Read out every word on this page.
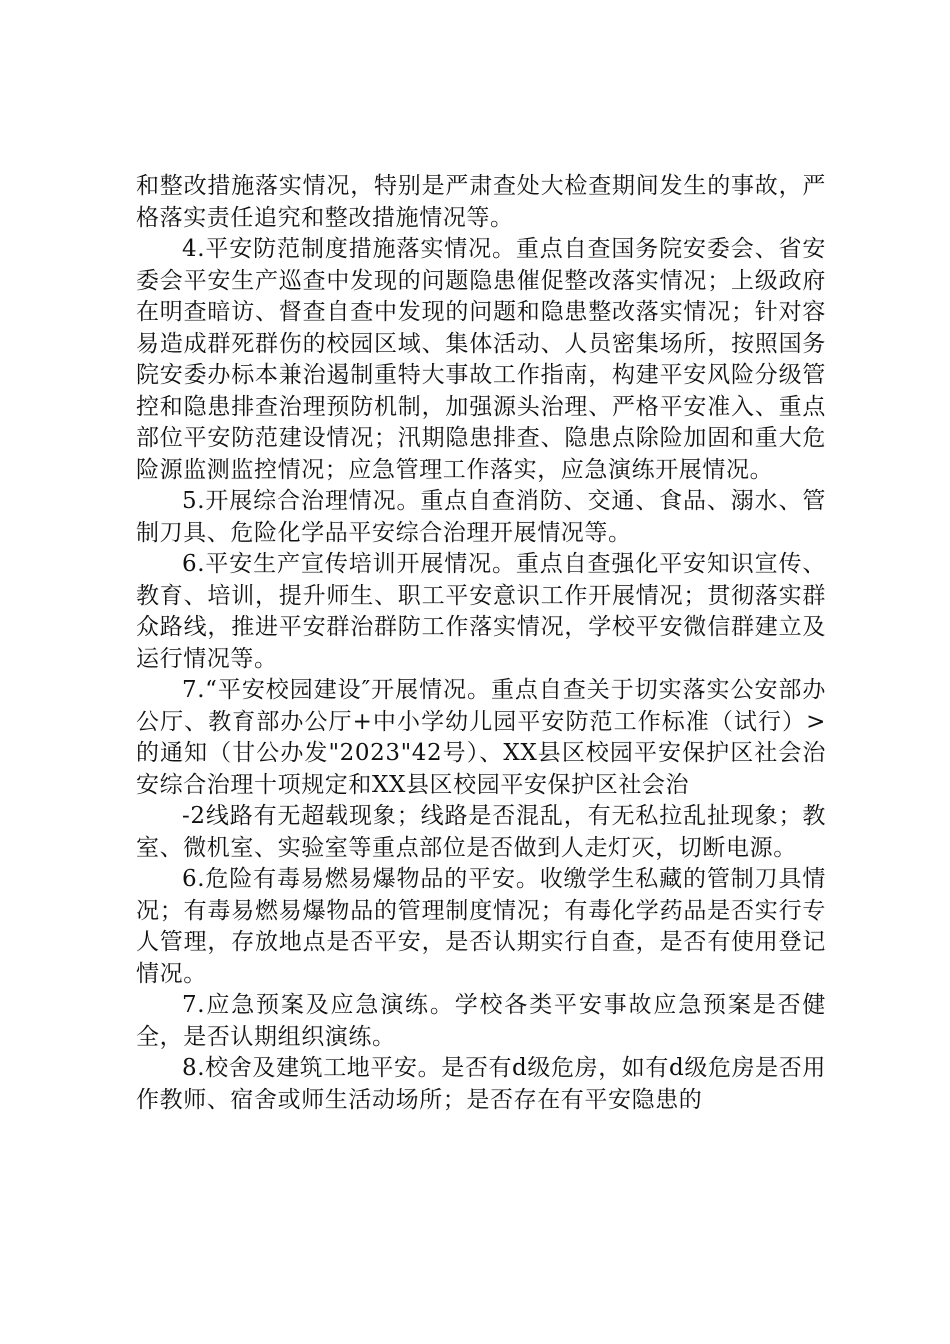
和整改措施落实情况，特别是严肃查处大检查期间发生的事故，严格落实责任追究和整改措施情况等。

4.平安防范制度措施落实情况。重点自查国务院安委会、省安委会平安生产巡查中发现的问题隐患催促整改落实情况；上级政府在明查暗访、督查自查中发现的问题和隐患整改落实情况；针对容易造成群死群伤的校园区域、集体活动、人员密集场所，按照国务院安委办标本兼治遏制重特大事故工作指南，构建平安风险分级管控和隐患排查治理预防机制，加强源头治理、严格平安准入、重点部位平安防范建设情况；汛期隐患排查、隐患点除险加固和重大危险源监测监控情况；应急管理工作落实，应急演练开展情况。

5.开展综合治理情况。重点自查消防、交通、食品、溺水、管制刀具、危险化学品平安综合治理开展情况等。

6.平安生产宣传培训开展情况。重点自查强化平安知识宣传、教育、培训，提升师生、职工平安意识工作开展情况；贯彻落实群众路线，推进平安群治群防工作落实情况，学校平安微信群建立及运行情况等。

7.“平安校园建设″开展情况。重点自查关于切实落实公安部办公厅、教育部办公厅+中小学幼儿园平安防范工作标准（试行）>的通知（甘公办发"2023"42号）、XX县区校园平安保护区社会治安综合治理十项规定和XX县区校园平安保护区社会治

-2线路有无超载现象；线路是否混乱，有无私拉乱扯现象；教室、微机室、实验室等重点部位是否做到人走灯灭，切断电源。

6.危险有毒易燃易爆物品的平安。收缴学生私藏的管制刀具情况；有毒易燃易爆物品的管理制度情况；有毒化学药品是否实行专人管理，存放地点是否平安，是否认期实行自查，是否有使用登记情况。

7.应急预案及应急演练。学校各类平安事故应急预案是否健全，是否认期组织演练。

8.校舍及建筑工地平安。是否有d级危房，如有d级危房是否用作教师、宿舍或师生活动场所；是否存在有平安隐患的
